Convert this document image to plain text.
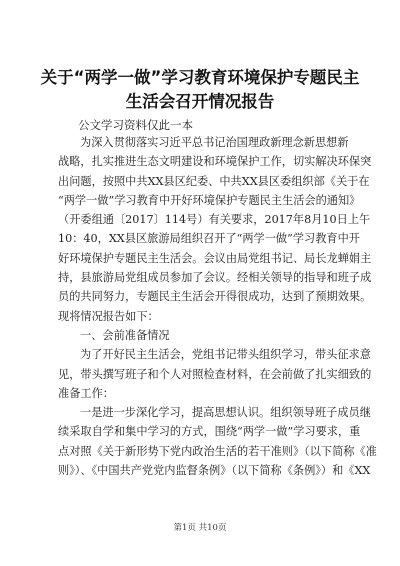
关于“两学一做”学习教育环境保护专题民主
生活会召开情况报告
公文学习资料仅此一本

为深入贯彻落实习近平总书记治国理政新理念新思想新
战略，扎实推进生态文明建设和环境保护工作，切实解决环保突
出问题，按照中共XX县区纪委、中共XX县区委组织部《关于在
“两学一做”学习教育中开好环境保护专题民主生活会的通知》
（开委组通〔2017〕114号）有关要求，2017年8月10日上午
10：40，XX县区旅游局组织召开了“两学一做”学习教育中开
好环境保护专题民主生活会。会议由局党组书记、局长龙蝉娟主
持，县旅游局党组成员参加了会议。经相关领导的指导和班子成
员的共同努力，专题民主生活会开得很成功，达到了预期效果。
现将情况报告如下：

一、会前准备情况

为了开好民主生活会，党组书记带头组织学习，带头征求意
见，带头撰写班子和个人对照检查材料，在会前做了扎实细致的
准备工作：

一是进一步深化学习，提高思想认识。组织领导班子成员继
续采取自学和集中学习的方式，围绕“两学一做”学习要求，重
点对照《关于新形势下党内政治生活的若干准则》（以下简称《准
则》）、《中国共产党党内监督条例》（以下简称《条例》）和《XX

第1页 共10页
